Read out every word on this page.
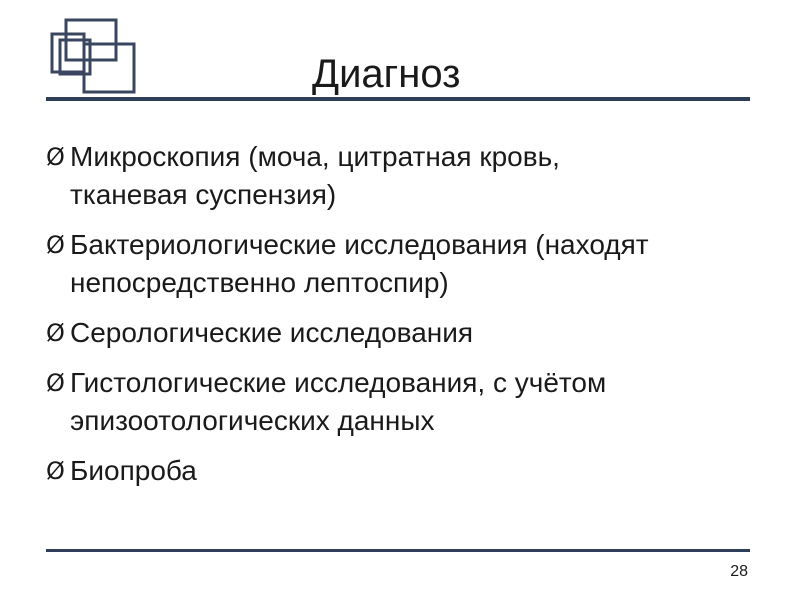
Диагноз
Ø Микроскопия (моча, цитратная кровь,
тканевая суспензия)
Ø Бактериологические исследования (находят
непосредственно лептоспир)
Ø Серологические исследования
Ø Гистологические исследования, с учётом
эпизоотологических данных
Ø Биопроба
28
